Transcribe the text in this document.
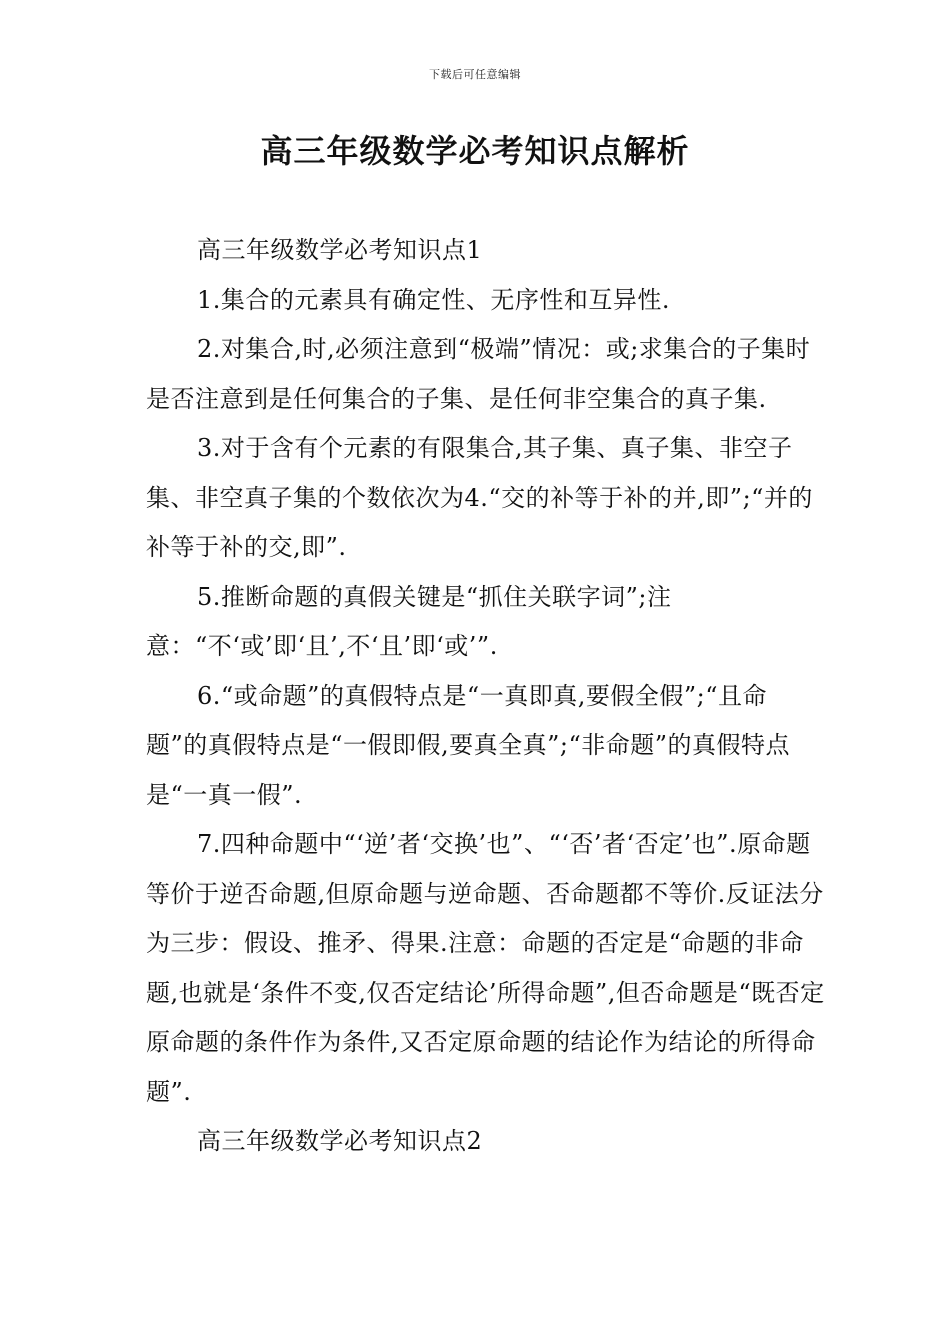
下载后可任意编辑
高三年级数学必考知识点解析

高三年级数学必考知识点1

1.集合的元素具有确定性、无序性和互异性.

2.对集合,时,必须注意到“极端”情况：或;求集合的子集时是否注意到是任何集合的子集、是任何非空集合的真子集.

3.对于含有个元素的有限集合,其子集、真子集、非空子集、非空真子集的个数依次为4.“交的补等于补的并,即”;“并的补等于补的交,即”.

5.推断命题的真假关键是“抓住关联字词”;注意：“不‘或’即‘且’,不‘且’即‘或’”.

6.“或命题”的真假特点是“一真即真,要假全假”;“且命题”的真假特点是“一假即假,要真全真”;“非命题”的真假特点是“一真一假”.

7.四种命题中“‘逆’者‘交换’也”、“‘否’者‘否定’也”.原命题等价于逆否命题,但原命题与逆命题、否命题都不等价.反证法分为三步：假设、推矛、得果.注意：命题的否定是“命题的非命题,也就是‘条件不变,仅否定结论’所得命题”,但否命题是“既否定原命题的条件作为条件,又否定原命题的结论作为结论的所得命题”.

高三年级数学必考知识点2
